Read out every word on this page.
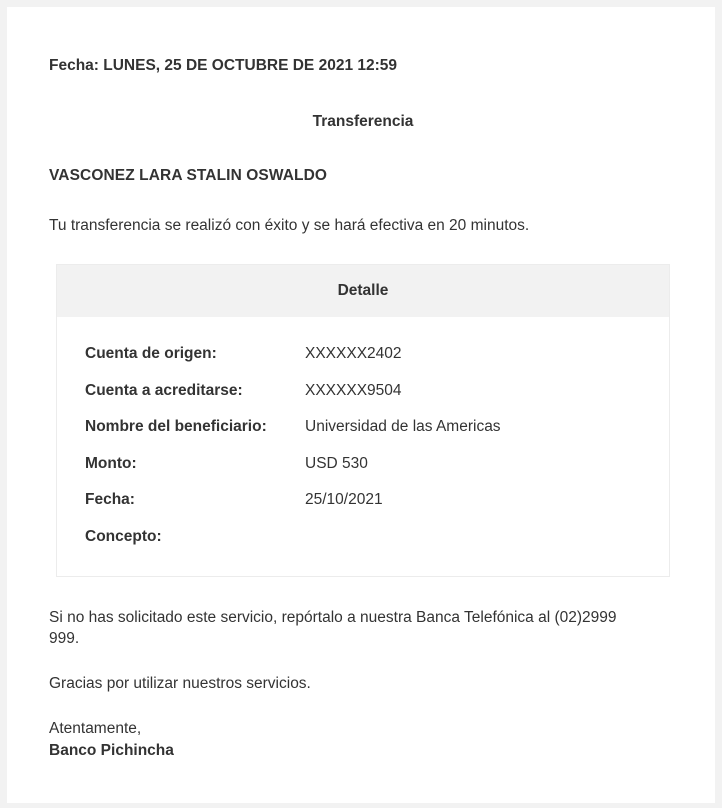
Fecha: LUNES, 25 DE OCTUBRE DE 2021 12:59
Transferencia
VASCONEZ LARA STALIN OSWALDO
Tu transferencia se realizó con éxito y se hará efectiva en 20 minutos.
Detalle
Cuenta de origen:	XXXXXX2402
Cuenta a acreditarse:	XXXXXX9504
Nombre del beneficiario:	Universidad de las Americas
Monto:	USD 530
Fecha:	25/10/2021
Concepto:
Si no has solicitado este servicio, repórtalo a nuestra Banca Telefónica al (02)2999 999.
Gracias por utilizar nuestros servicios.
Atentamente,
Banco Pichincha
